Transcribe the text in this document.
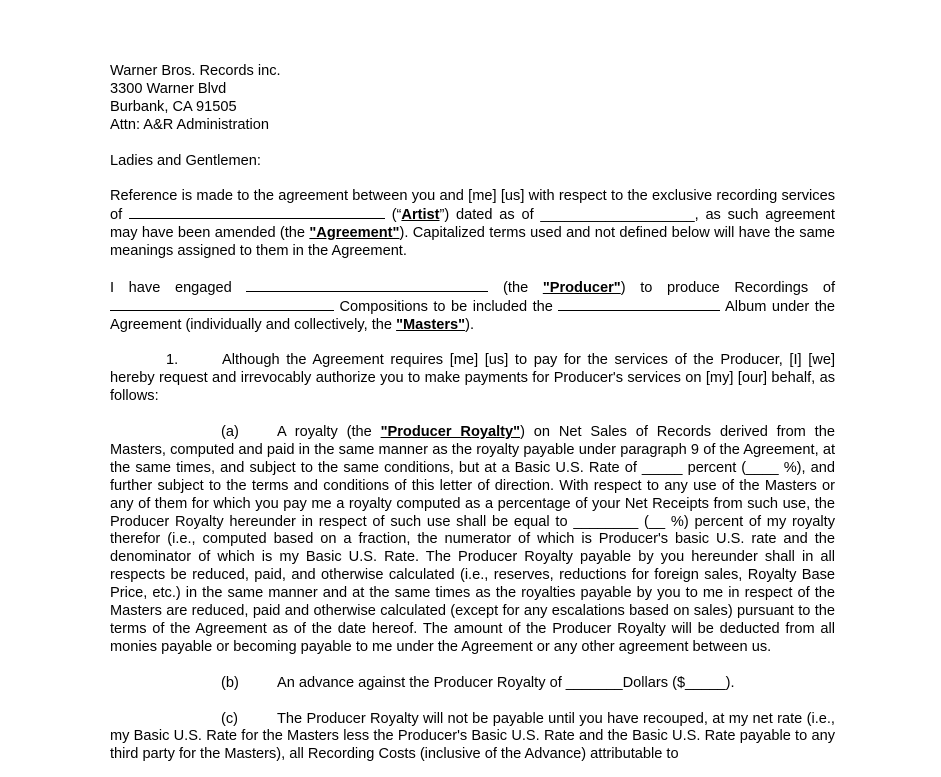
Warner Bros. Records inc.

3300 Warner Blvd

Burbank, CA 91505

Attn: A&R Administration

Ladies and Gentlemen:

Reference is made to the agreement between you and [me] [us] with respect to the exclusive recording services of	(“Artist”) dated as of ___________________, as such agreement may have been amended (the "Agreement"). Capitalized terms used and not defined below will have the same meanings assigned to them in the Agreement.

I have engaged	(the "Producer") to produce Recordings of  Compositions to be included the	Album under the Agreement (individually and collectively, the "Masters").

1.	Although the Agreement requires [me] [us] to pay for the services of the Producer, [I] [we] hereby request and irrevocably authorize you to make payments for Producer's services on [my] [our] behalf, as follows:

(a)	A royalty (the "Producer Royalty") on Net Sales of Records derived from the Masters, computed and paid in the same manner as the royalty payable under paragraph 9 of the Agreement, at the same times, and subject to the same conditions, but at a Basic U.S. Rate of _____ percent (____ %), and further subject to the terms and conditions of this letter of direction. With respect to any use of the Masters or any of them for which you pay me a royalty computed as a percentage of your Net Receipts from such use, the Producer Royalty hereunder in respect of such use shall be equal to ________ (__ %) percent of my royalty therefor (i.e., computed based on a fraction, the numerator of which is Producer's basic U.S. rate and the denominator of which is my Basic U.S. Rate. The Producer Royalty payable by you hereunder shall in all respects be reduced, paid, and otherwise calculated (i.e., reserves, reductions for foreign sales, Royalty Base Price, etc.) in the same manner and at the same times as the royalties payable by you to me in respect of the Masters are reduced, paid and otherwise calculated (except for any escalations based on sales) pursuant to the terms of the Agreement as of the date hereof. The amount of the Producer Royalty will be deducted from all monies payable or becoming payable to me under the Agreement or any other agreement between us.

(b)	An advance against the Producer Royalty of _______Dollars ($_____).

(c)	The Producer Royalty will not be payable until you have recouped, at my net rate (i.e., my Basic U.S. Rate for the Masters less the Producer's Basic U.S. Rate and the Basic U.S. Rate payable to any third party for the Masters), all Recording Costs (inclusive of the Advance) attributable to
